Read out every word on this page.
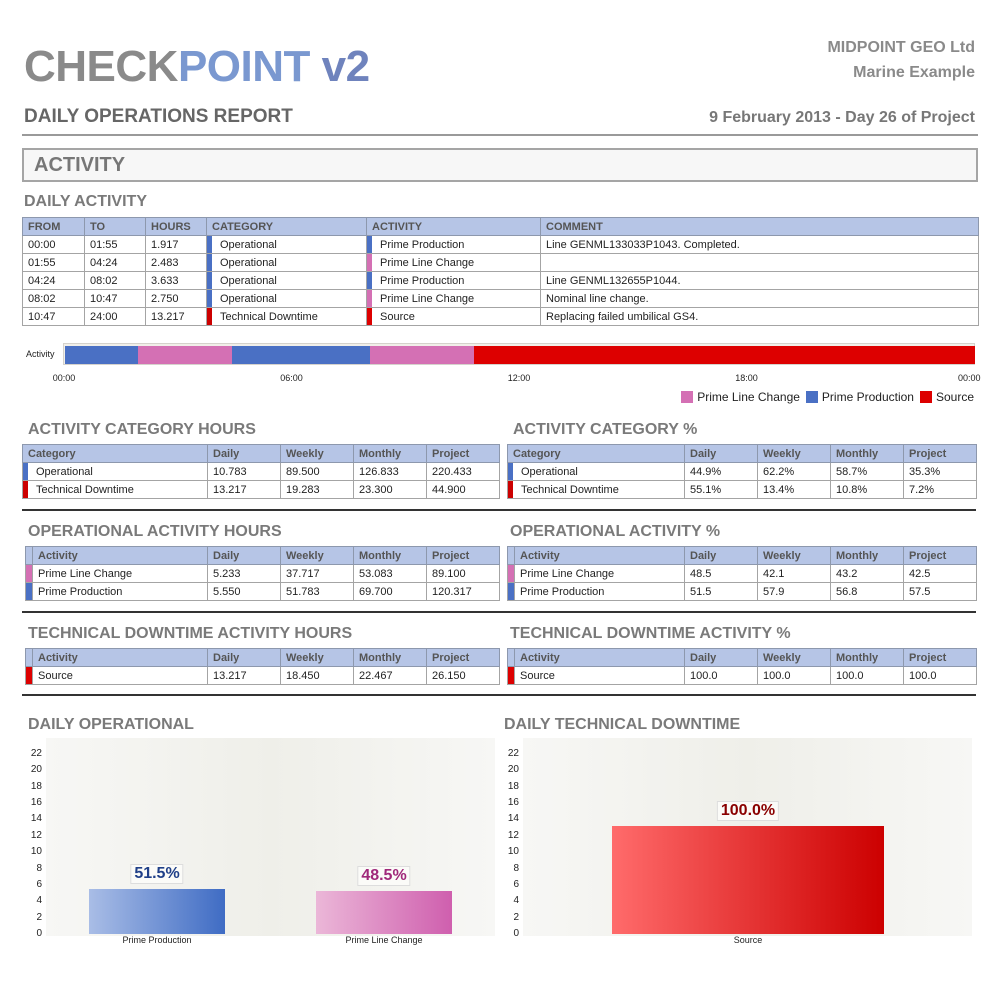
CHECKPOINT v2	MIDPOINT GEO Ltd
Marine Example
DAILY OPERATIONS REPORT	9 February 2013 - Day 26 of Project
ACTIVITY
DAILY ACTIVITY
FROM	TO	HOURS	CATEGORY	ACTIVITY	COMMENT
00:00	01:55	1.917	Operational	Prime Production	Line GENML133033P1043. Completed.
01:55	04:24	2.483	Operational	Prime Line Change	
04:24	08:02	3.633	Operational	Prime Production	Line GENML132655P1044.
08:02	10:47	2.750	Operational	Prime Line Change	Nominal line change.
10:47	24:00	13.217	Technical Downtime	Source	Replacing failed umbilical GS4.
Activity
00:00	06:00	12:00	18:00	00:00
Prime Line Change Prime Production Source
ACTIVITY CATEGORY HOURS
Category	Daily	Weekly	Monthly	Project

Operational	10.783	89.500	126.833	220.433

Technical Downtime	13.217	19.283	23.300	44.900
ACTIVITY CATEGORY %
Category	Daily	Weekly	Monthly	Project

Operational	44.9%	62.2%	58.7%	35.3%

Technical Downtime	55.1%	13.4%	10.8%	7.2%
OPERATIONAL ACTIVITY HOURS
	Activity	Daily	Weekly	Monthly	Project
	Prime Line Change	5.233	37.717	53.083	89.100
	Prime Production	5.550	51.783	69.700	120.317
OPERATIONAL ACTIVITY %
	Activity	Daily	Weekly	Monthly	Project
	Prime Line Change	48.5	42.1	43.2	42.5
	Prime Production	51.5	57.9	56.8	57.5
TECHNICAL DOWNTIME ACTIVITY HOURS
	Activity	Daily	Weekly	Monthly	Project
	Source	13.217	18.450	22.467	26.150
TECHNICAL DOWNTIME ACTIVITY %
	Activity	Daily	Weekly	Monthly	Project
	Source	100.0	100.0	100.0	100.0
DAILY OPERATIONAL	DAILY TECHNICAL DOWNTIME
0
2
4
6
8
10
12
14
16
18
20
22
51.5%
Prime Production
48.5%
Prime Line Change
0
2
4
6
8
10
12
14
16
18
20
22
100.0%
Source
